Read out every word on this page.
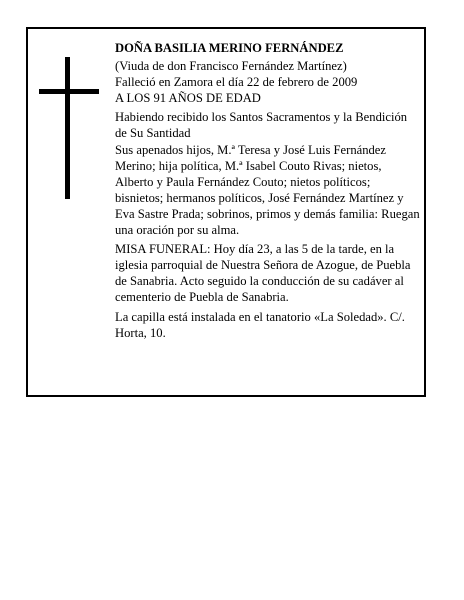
DOÑA BASILIA MERINO FERNÁNDEZ

(Viuda de don Francisco Fernández Martínez)

Falleció en Zamora el día 22 de febrero de 2009

A LOS 91 AÑOS DE EDAD

Habiendo recibido los Santos Sacramentos y la Bendición de Su Santidad

Sus apenados hijos, M.ª Teresa y José Luis Fernández Merino; hija política, M.ª Isabel Couto Rivas; nietos, Alberto y Paula Fernández Couto; nietos políticos; bisnietos; hermanos políticos, José Fernández Martínez y Eva Sastre Prada; sobrinos, primos y demás familia: Ruegan una oración por su alma.

MISA FUNERAL: Hoy día 23, a las 5 de la tarde, en la iglesia parroquial de Nuestra Señora de Azogue, de Puebla de Sanabria. Acto seguido la conducción de su cadáver al cementerio de Puebla de Sanabria.

La capilla está instalada en el tanatorio «La Soledad». C/. Horta, 10.
